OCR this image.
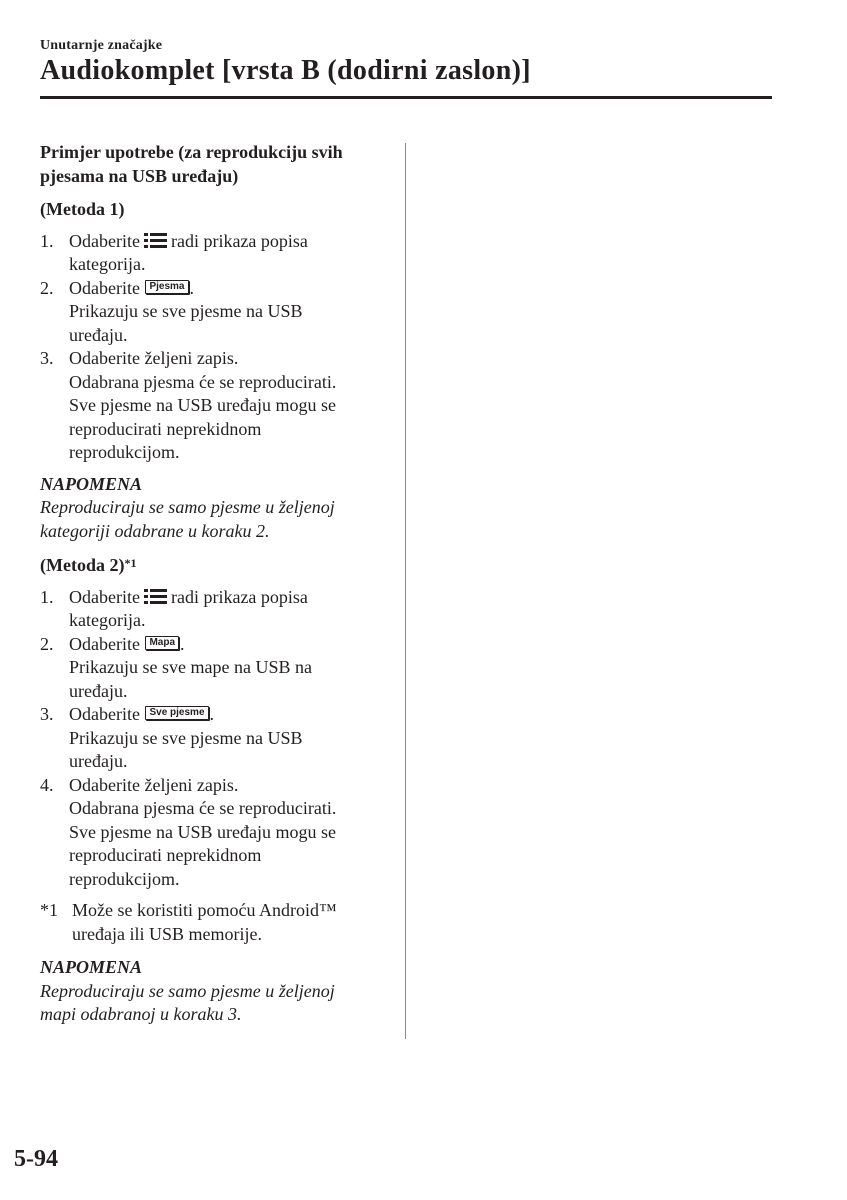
Unutarnje značajke
Audiokomplet [vrsta B (dodirni zaslon)]
Primjer upotrebe (za reprodukciju svih
pjesama na USB uređaju)
(Metoda 1)
1. Odaberite radi prikaza popisa
kategorija.
2. Odaberite Pjesma .
Prikazuju se sve pjesme na USB
uređaju.
3. Odaberite željeni zapis.
Odabrana pjesma će se reproducirati.
Sve pjesme na USB uređaju mogu se
reproducirati neprekidnom
reprodukcijom.
NAPOMENA
Reproduciraju se samo pjesme u željenoj
kategoriji odabrane u koraku 2.
(Metoda 2)$^{*1}$
1. Odaberite radi prikaza popisa
kategorija.
2. Odaberite Mapa .
Prikazuju se sve mape na USB na
uređaju.
3. Odaberite Sve pjesme .
Prikazuju se sve pjesme na USB
uređaju.
4. Odaberite željeni zapis.
Odabrana pjesma će se reproducirati.
Sve pjesme na USB uređaju mogu se
reproducirati neprekidnom
reprodukcijom.
*1 Može se koristiti pomoću Android™
uređaja ili USB memorije.
NAPOMENA
Reproduciraju se samo pjesme u željenoj
mapi odabranoj u koraku 3.
5-94
